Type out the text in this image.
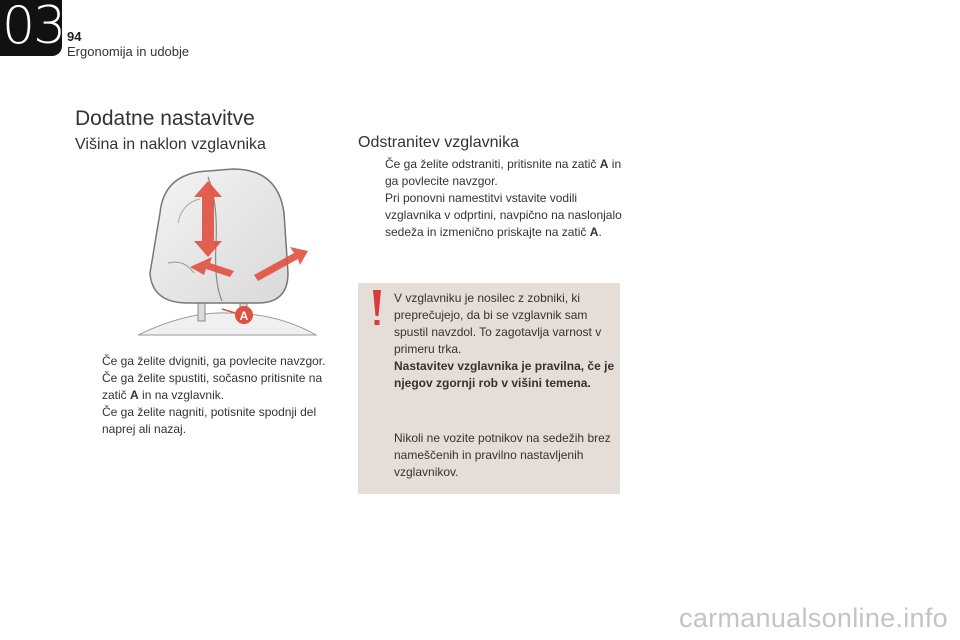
03 94
Ergonomija in udobje
Dodatne nastavitve
Višina in naklon vzglavnika	Odstranitev vzglavnika
A
Če ga želite dvigniti, ga povlecite navzgor.
Če ga želite spustiti, sočasno pritisnite na zatič A in na vzglavnik.
Če ga želite nagniti, potisnite spodnji del naprej ali nazaj.
Če ga želite odstraniti, pritisnite na zatič A in ga povlecite navzgor.
Pri ponovni namestitvi vstavite vodili vzglavnika v odprtini, navpično na naslonjalo sedeža in izmenično priskajte na zatič A.
V vzglavniku je nosilec z zobniki, ki preprečujejo, da bi se vzglavnik sam spustil navzdol. To zagotavlja varnost v primeru trka.
Nastavitev vzglavnika je pravilna, če je njegov zgornji rob v višini temena.
Nikoli ne vozite potnikov na sedežih brez nameščenih in pravilno nastavljenih vzglavnikov.
carmanualsonline.info
